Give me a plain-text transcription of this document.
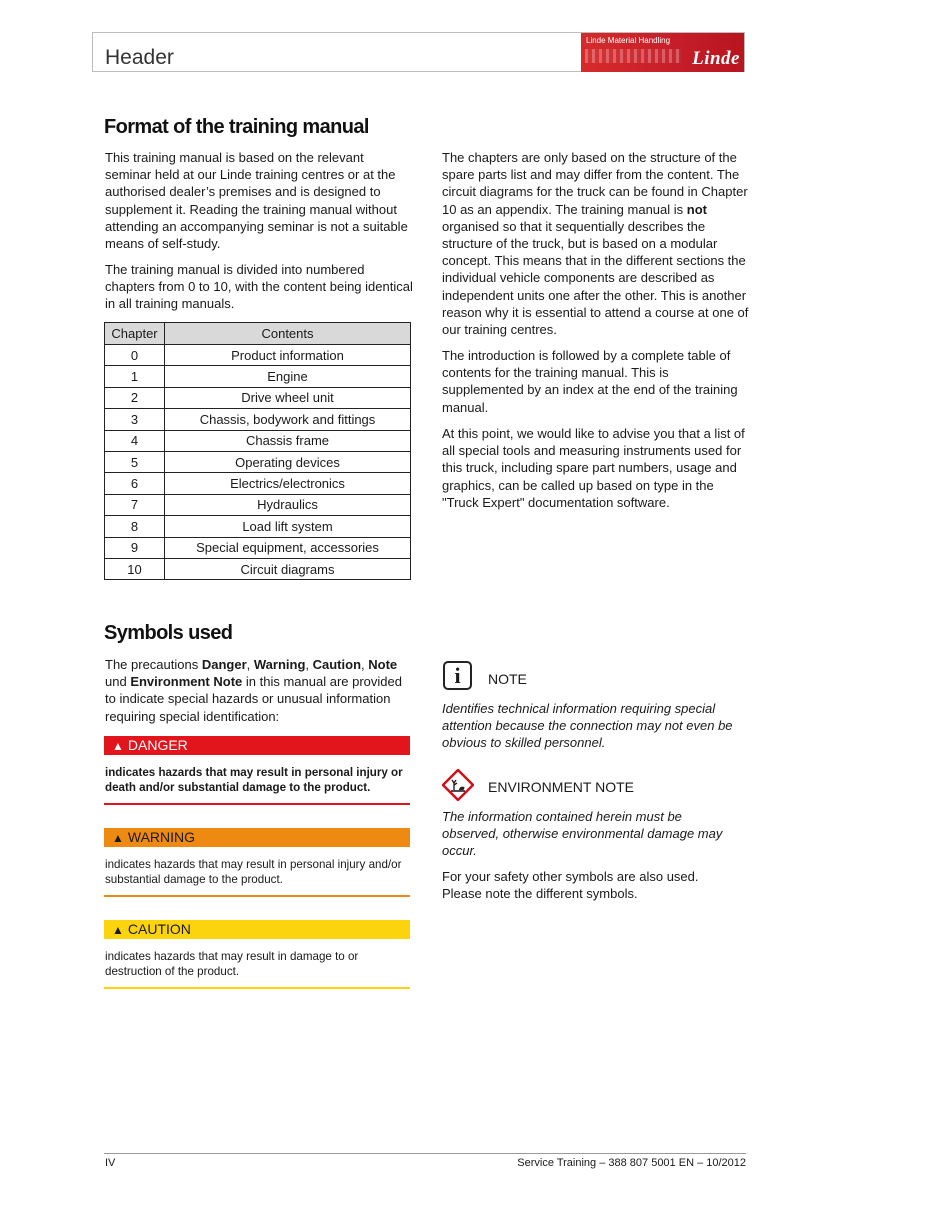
Header
Linde Material Handling
Linde
Format of the training manual

This training manual is based on the relevant seminar held at our Linde training centres or at the authorised dealer’s premises and is designed to supplement it. Reading the training manual without attending an accompanying seminar is not a suitable means of self-study.

The training manual is divided into numbered chapters from 0 to 10, with the content being identical in all training manuals.

Chapter	Contents
0	Product information
1	Engine
2	Drive wheel unit
3	Chassis, bodywork and fittings
4	Chassis frame
5	Operating devices
6	Electrics/electronics
7	Hydraulics
8	Load lift system
9	Special equipment, accessories
10	Circuit diagrams

The chapters are only based on the structure of the spare parts list and may differ from the content. The circuit diagrams for the truck can be found in Chapter 10 as an appendix. The training manual is not organised so that it sequentially describes the structure of the truck, but is based on a modular concept. This means that in the different sections the individual vehicle components are described as independent units one after the other. This is another reason why it is essential to attend a course at one of our training centres.

The introduction is followed by a complete table of contents for the training manual. This is supplemented by an index at the end of the training manual.

At this point, we would like to advise you that a list of all special tools and measuring instruments used for this truck, including spare part numbers, usage and graphics, can be called up based on type in the "Truck Expert" documentation software.

Symbols used

The precautions Danger, Warning, Caution, Note und Environment Note in this manual are provided to indicate special hazards or unusual information requiring special identification:

▲ DANGER
indicates hazards that may result in personal injury or death and/or substantial damage to the product.
▲ WARNING
indicates hazards that may result in personal injury and/or substantial damage to the product.
▲ CAUTION
indicates hazards that may result in damage to or destruction of the product.
i	NOTE

Identifies technical information requiring special attention because the connection may not even be obvious to skilled personnel.

ENVIRONMENT NOTE

The information contained herein must be observed, otherwise environmental damage may occur.

For your safety other symbols are also used. Please note the different symbols.

IV	Service Training – 388 807 5001 EN – 10/2012
